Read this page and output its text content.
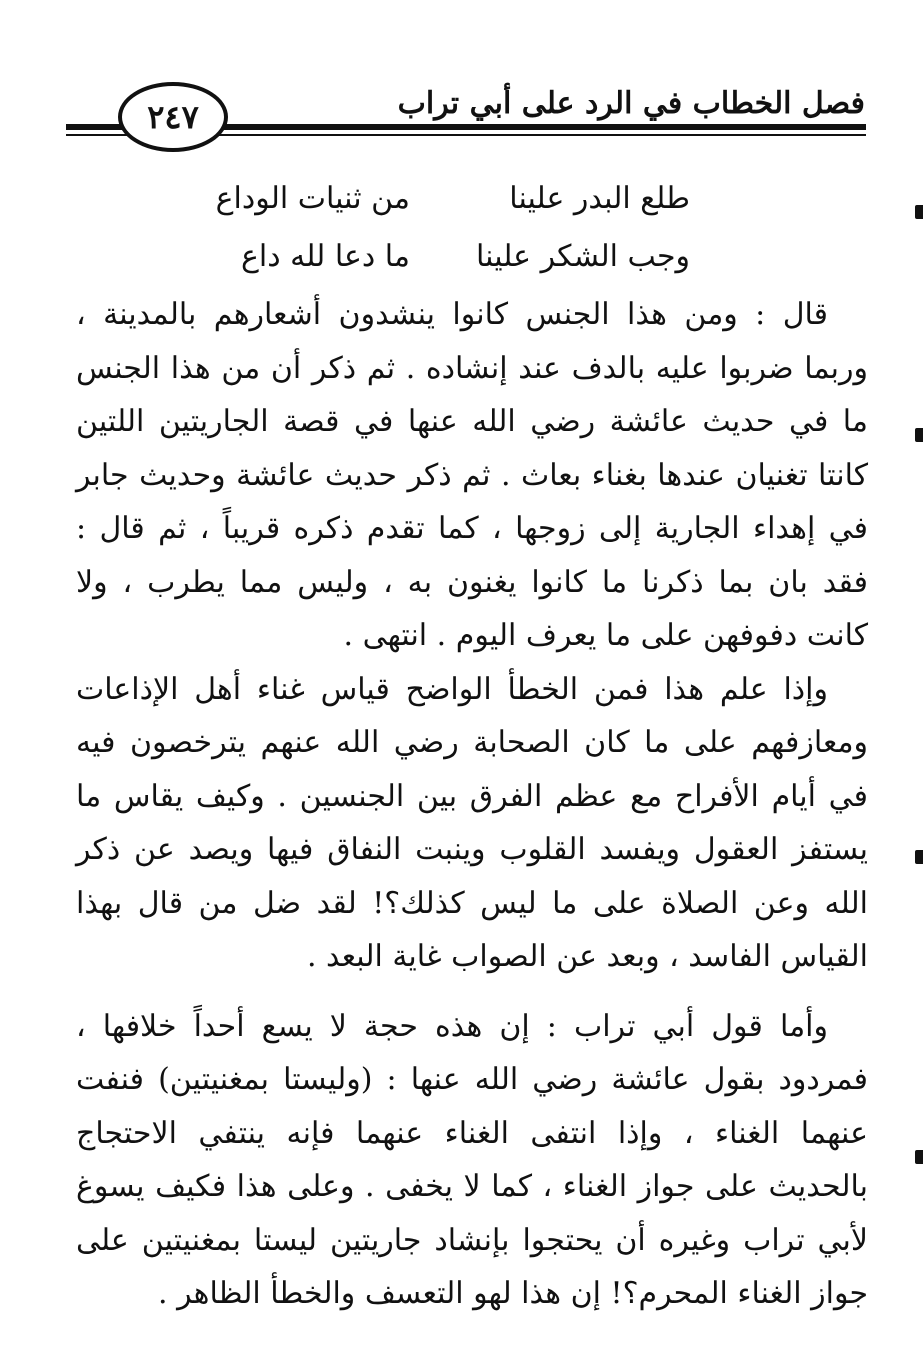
فصل الخطاب في الرد على أبي تراب
٢٤٧
طلع البدر علينا
من ثنيات الوداع
وجب الشكر علينا
ما دعا لله داع

قال : ومن هذا الجنس كانوا ينشدون أشعارهم بالمدينة ، وربما ضربوا عليه بالدف عند إنشاده . ثم ذكر أن من هذا الجنس ما في حديث عائشة رضي الله عنها في قصة الجاريتين اللتين كانتا تغنيان عندها بغناء بعاث . ثم ذكر حديث عائشة وحديث جابر في إهداء الجارية إلى زوجها ، كما تقدم ذكره قريباً ، ثم قال : فقد بان بما ذكرنا ما كانوا يغنون به ، وليس مما يطرب ، ولا كانت دفوفهن على ما يعرف اليوم . انتهى .

وإذا علم هذا فمن الخطأ الواضح قياس غناء أهل الإذاعات ومعازفهم على ما كان الصحابة رضي الله عنهم يترخصون فيه في أيام الأفراح مع عظم الفرق بين الجنسين . وكيف يقاس ما يستفز العقول ويفسد القلوب وينبت النفاق فيها ويصد عن ذكر الله وعن الصلاة على ما ليس كذلك؟! لقد ضل من قال بهذا القياس الفاسد ، وبعد عن الصواب غاية البعد .

وأما قول أبي تراب : إن هذه حجة لا يسع أحداً خلافها ، فمردود بقول عائشة رضي الله عنها : (وليستا بمغنيتين) فنفت عنهما الغناء ، وإذا انتفى الغناء عنهما فإنه ينتفي الاحتجاج بالحديث على جواز الغناء ، كما لا يخفى . وعلى هذا فكيف يسوغ لأبي تراب وغيره أن يحتجوا بإنشاد جاريتين ليستا بمغنيتين على جواز الغناء المحرم؟! إن هذا لهو التعسف والخطأ الظاهر .
